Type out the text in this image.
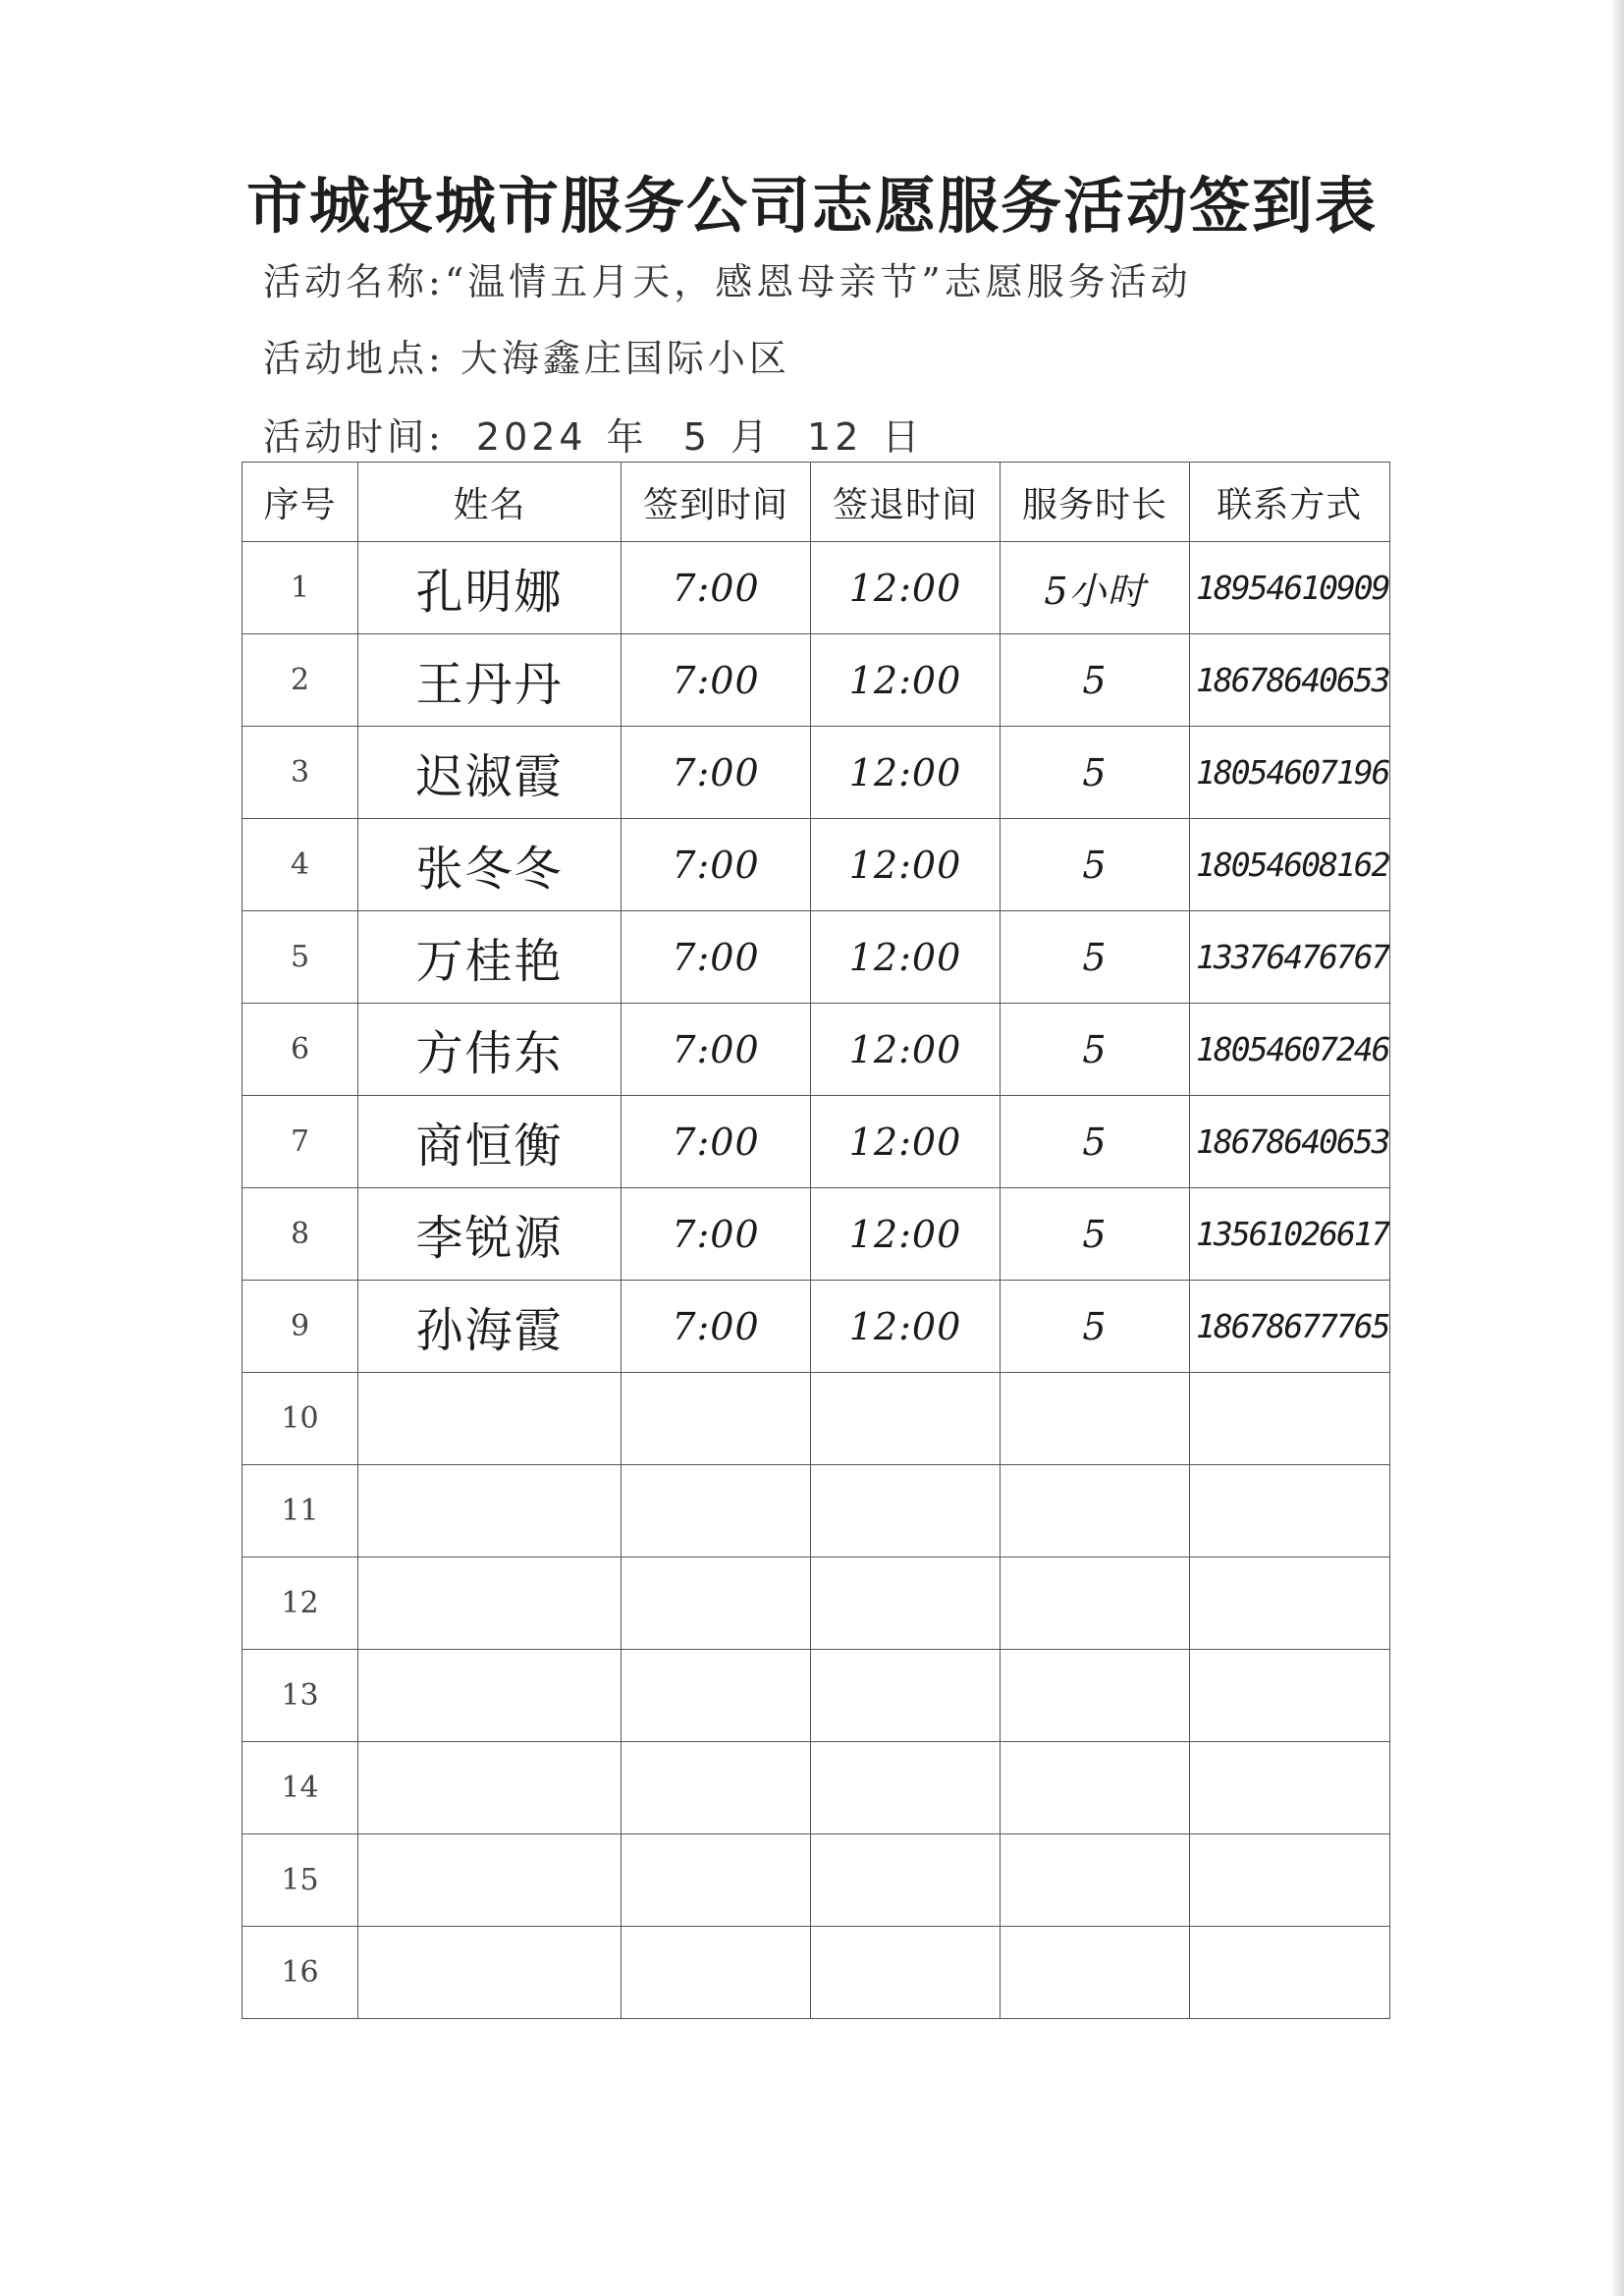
市城投城市服务公司志愿服务活动签到表
活动名称:“温情五月天，感恩母亲节”志愿服务活动
活动地点: 大海鑫庄国际小区
活动时间: 2024 年 5 月 12 日
序号	姓名	签到时间	签退时间	服务时长	联系方式
1	孔明娜	7:00	12:00	5小时	18954610909
2	王丹丹	7:00	12:00	5	18678640653
3	迟淑霞	7:00	12:00	5	18054607196
4	张冬冬	7:00	12:00	5	18054608162
5	万桂艳	7:00	12:00	5	13376476767
6	方伟东	7:00	12:00	5	18054607246
7	商恒衡	7:00	12:00	5	18678640653
8	李锐源	7:00	12:00	5	13561026617
9	孙海霞	7:00	12:00	5	18678677765
10					
11					
12					
13					
14					
15					
16					
